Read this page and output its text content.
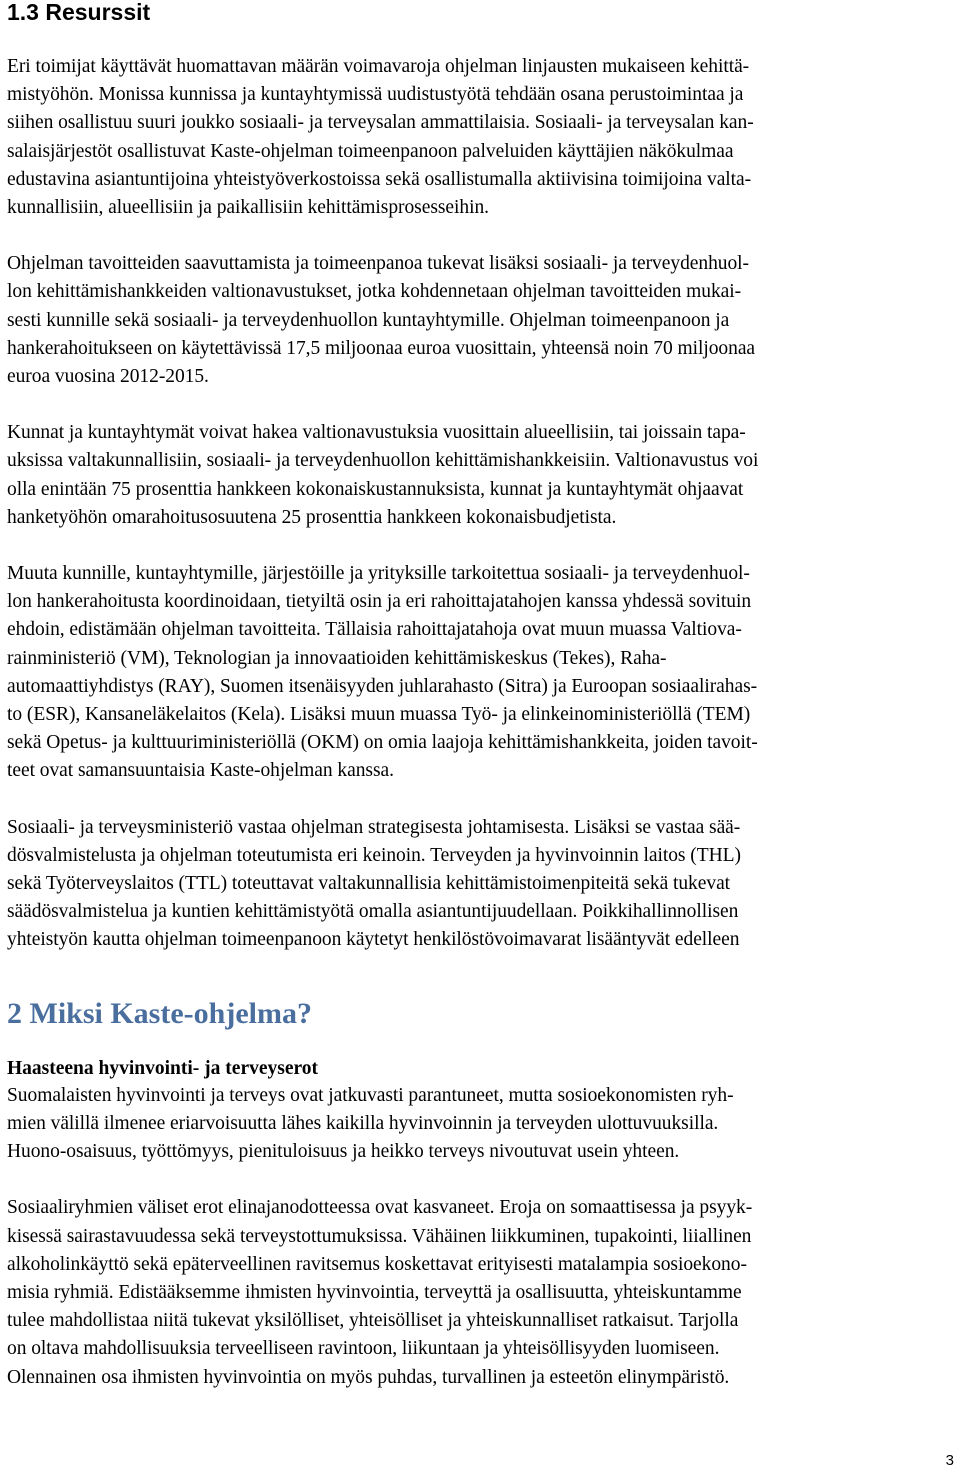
1.3 Resurssit

Eri toimijat käyttävät huomattavan määrän voimavaroja ohjelman linjausten mukaiseen kehittä-
mistyöhön. Monissa kunnissa ja kuntayhtymissä uudistustyötä tehdään osana perustoimintaa ja
siihen osallistuu suuri joukko sosiaali- ja terveysalan ammattilaisia. Sosiaali- ja terveysalan kan-
salaisjärjestöt osallistuvat Kaste-ohjelman toimeenpanoon palveluiden käyttäjien näkökulmaa
edustavina asiantuntijoina yhteistyöverkostoissa sekä osallistumalla aktiivisina toimijoina valta-
kunnallisiin, alueellisiin ja paikallisiin kehittämisprosesseihin.

Ohjelman tavoitteiden saavuttamista ja toimeenpanoa tukevat lisäksi sosiaali- ja terveydenhuol-
lon kehittämishankkeiden valtionavustukset, jotka kohdennetaan ohjelman tavoitteiden mukai-
sesti kunnille sekä sosiaali- ja terveydenhuollon kuntayhtymille. Ohjelman toimeenpanoon ja
hankerahoitukseen on käytettävissä 17,5 miljoonaa euroa vuosittain, yhteensä noin 70 miljoonaa
euroa vuosina 2012-2015.

Kunnat ja kuntayhtymät voivat hakea valtionavustuksia vuosittain alueellisiin, tai joissain tapa-
uksissa valtakunnallisiin, sosiaali- ja terveydenhuollon kehittämishankkeisiin. Valtionavustus voi
olla enintään 75 prosenttia hankkeen kokonaiskustannuksista, kunnat ja kuntayhtymät ohjaavat
hanketyöhön omarahoitusosuutena 25 prosenttia hankkeen kokonaisbudjetista.

Muuta kunnille, kuntayhtymille, järjestöille ja yrityksille tarkoitettua sosiaali- ja terveydenhuol-
lon hankerahoitusta koordinoidaan, tietyiltä osin ja eri rahoittajatahojen kanssa yhdessä sovituin
ehdoin, edistämään ohjelman tavoitteita. Tällaisia rahoittajatahoja ovat muun muassa Valtiova-
rainministeriö (VM), Teknologian ja innovaatioiden kehittämiskeskus (Tekes), Raha-
automaattiyhdistys (RAY), Suomen itsenäisyyden juhlarahasto (Sitra) ja Euroopan sosiaalirahas-
to (ESR), Kansaneläkelaitos (Kela). Lisäksi muun muassa Työ- ja elinkeinoministeriöllä (TEM)
sekä Opetus- ja kulttuuriministeriöllä (OKM) on omia laajoja kehittämishankkeita, joiden tavoit-
teet ovat samansuuntaisia Kaste-ohjelman kanssa.

Sosiaali- ja terveysministeriö vastaa ohjelman strategisesta johtamisesta. Lisäksi se vastaa sää-
dösvalmistelusta ja ohjelman toteutumista eri keinoin. Terveyden ja hyvinvoinnin laitos (THL)
sekä Työterveyslaitos (TTL) toteuttavat valtakunnallisia kehittämistoimenpiteitä sekä tukevat
säädösvalmistelua ja kuntien kehittämistyötä omalla asiantuntijuudellaan. Poikkihallinnollisen
yhteistyön kautta ohjelman toimeenpanoon käytetyt henkilöstövoimavarat lisääntyvät edelleen

2 Miksi Kaste-ohjelma?
Haasteena hyvinvointi- ja terveyserot

Suomalaisten hyvinvointi ja terveys ovat jatkuvasti parantuneet, mutta sosioekonomisten ryh-
mien välillä ilmenee eriarvoisuutta lähes kaikilla hyvinvoinnin ja terveyden ulottuvuuksilla.
Huono-osaisuus, työttömyys, pienituloisuus ja heikko terveys nivoutuvat usein yhteen.

Sosiaaliryhmien väliset erot elinajanodotteessa ovat kasvaneet. Eroja on somaattisessa ja psyyk-
kisessä sairastavuudessa sekä terveystottumuksissa. Vähäinen liikkuminen, tupakointi, liiallinen
alkoholinkäyttö sekä epäterveellinen ravitsemus koskettavat erityisesti matalampia sosioekono-
misia ryhmiä. Edistääksemme ihmisten hyvinvointia, terveyttä ja osallisuutta, yhteiskuntamme
tulee mahdollistaa niitä tukevat yksilölliset, yhteisölliset ja yhteiskunnalliset ratkaisut. Tarjolla
on oltava mahdollisuuksia terveelliseen ravintoon, liikuntaan ja yhteisöllisyyden luomiseen.
Olennainen osa ihmisten hyvinvointia on myös puhdas, turvallinen ja esteetön elinympäristö.

3
